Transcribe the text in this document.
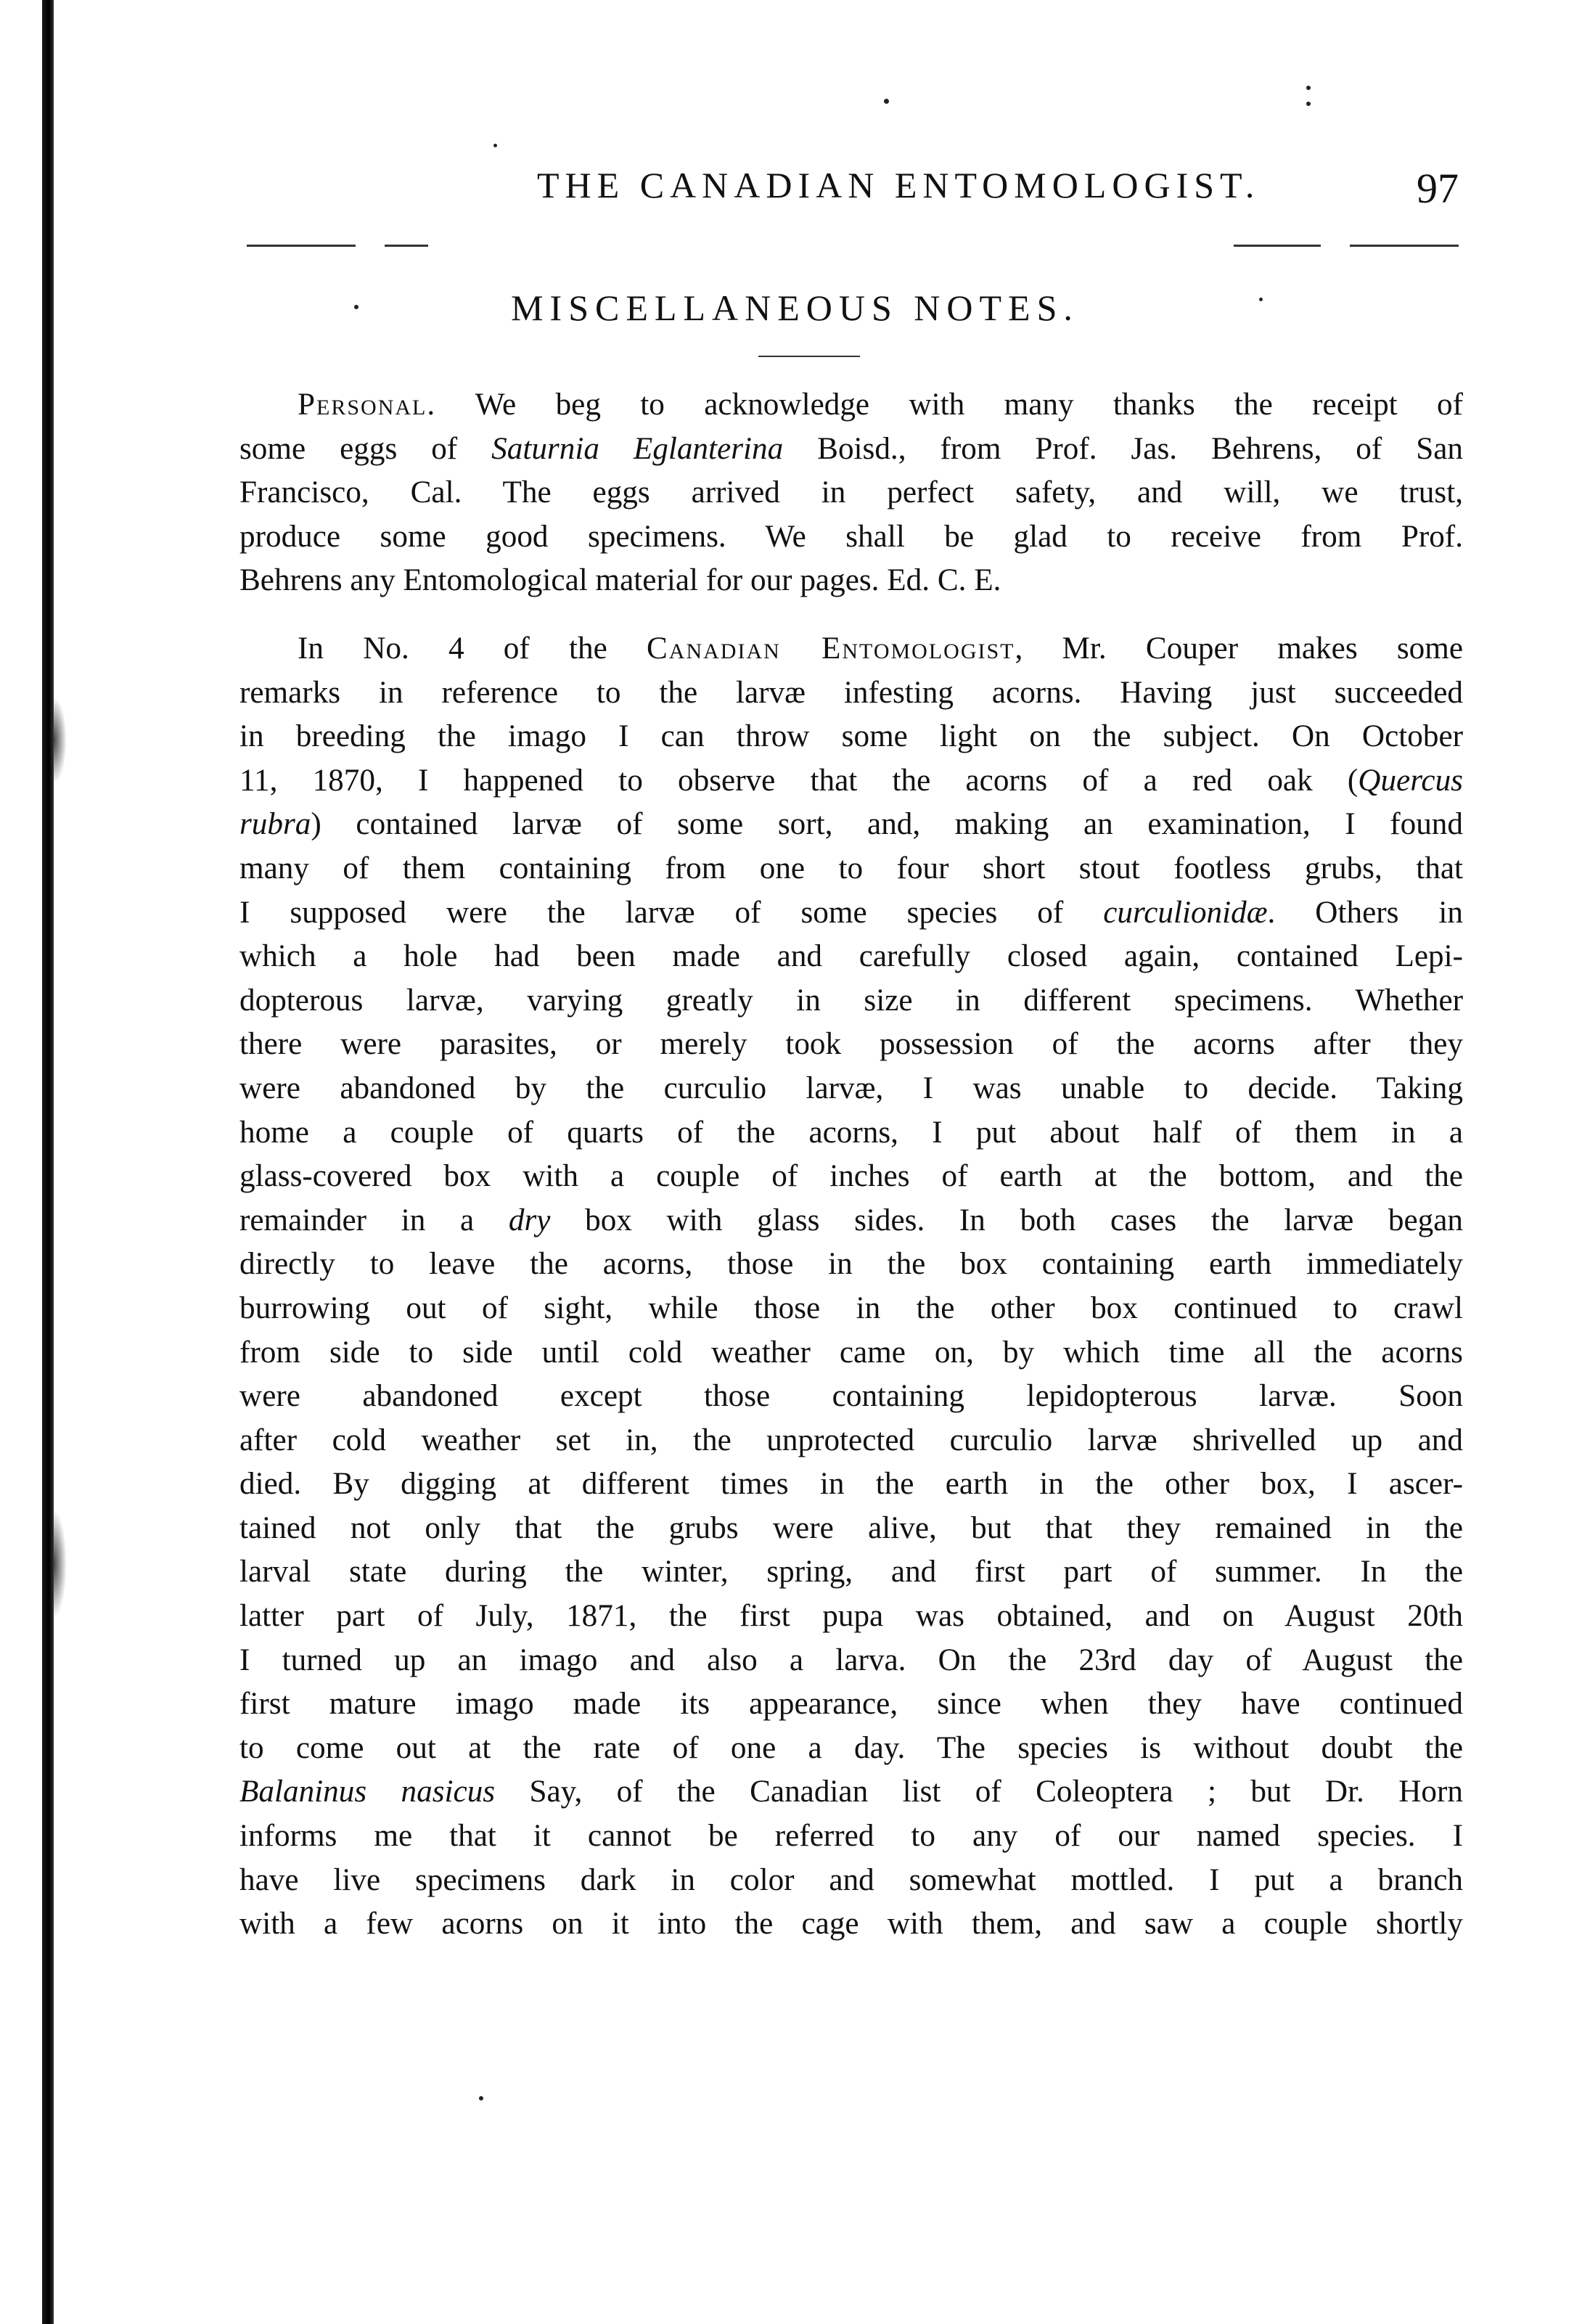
THE CANADIAN ENTOMOLOGIST.	97
MISCELLANEOUS NOTES.
Personal. We beg to acknowledge with many thanks the receipt of
some eggs of Saturnia Eglanterina Boisd., from Prof. Jas. Behrens, of San
Francisco, Cal. The eggs arrived in perfect safety, and will, we trust,
produce some good specimens. We shall be glad to receive from Prof.
Behrens any Entomological material for our pages. Ed. C. E.
In No. 4 of the Canadian Entomologist, Mr. Couper makes some
remarks in reference to the larvæ infesting acorns. Having just succeeded
in breeding the imago I can throw some light on the subject. On October
11, 1870, I happened to observe that the acorns of a red oak (Quercus
rubra) contained larvæ of some sort, and, making an examination, I found
many of them containing from one to four short stout footless grubs, that
I supposed were the larvæ of some species of curculionidæ. Others in
which a hole had been made and carefully closed again, contained Lepi-
dopterous larvæ, varying greatly in size in different specimens. Whether
there were parasites, or merely took possession of the acorns after they
were abandoned by the curculio larvæ, I was unable to decide. Taking
home a couple of quarts of the acorns, I put about half of them in a
glass-covered box with a couple of inches of earth at the bottom, and the
remainder in a dry box with glass sides. In both cases the larvæ began
directly to leave the acorns, those in the box containing earth immediately
burrowing out of sight, while those in the other box continued to crawl
from side to side until cold weather came on, by which time all the acorns
were abandoned except those containing lepidopterous larvæ. Soon
after cold weather set in, the unprotected curculio larvæ shrivelled up and
died. By digging at different times in the earth in the other box, I ascer-
tained not only that the grubs were alive, but that they remained in the
larval state during the winter, spring, and first part of summer. In the
latter part of July, 1871, the first pupa was obtained, and on August 20th
I turned up an imago and also a larva. On the 23rd day of August the
first mature imago made its appearance, since when they have continued
to come out at the rate of one a day. The species is without doubt the
Balaninus nasicus Say, of the Canadian list of Coleoptera ; but Dr. Horn
informs me that it cannot be referred to any of our named species. I
have live specimens dark in color and somewhat mottled. I put a branch
with a few acorns on it into the cage with them, and saw a couple shortly
